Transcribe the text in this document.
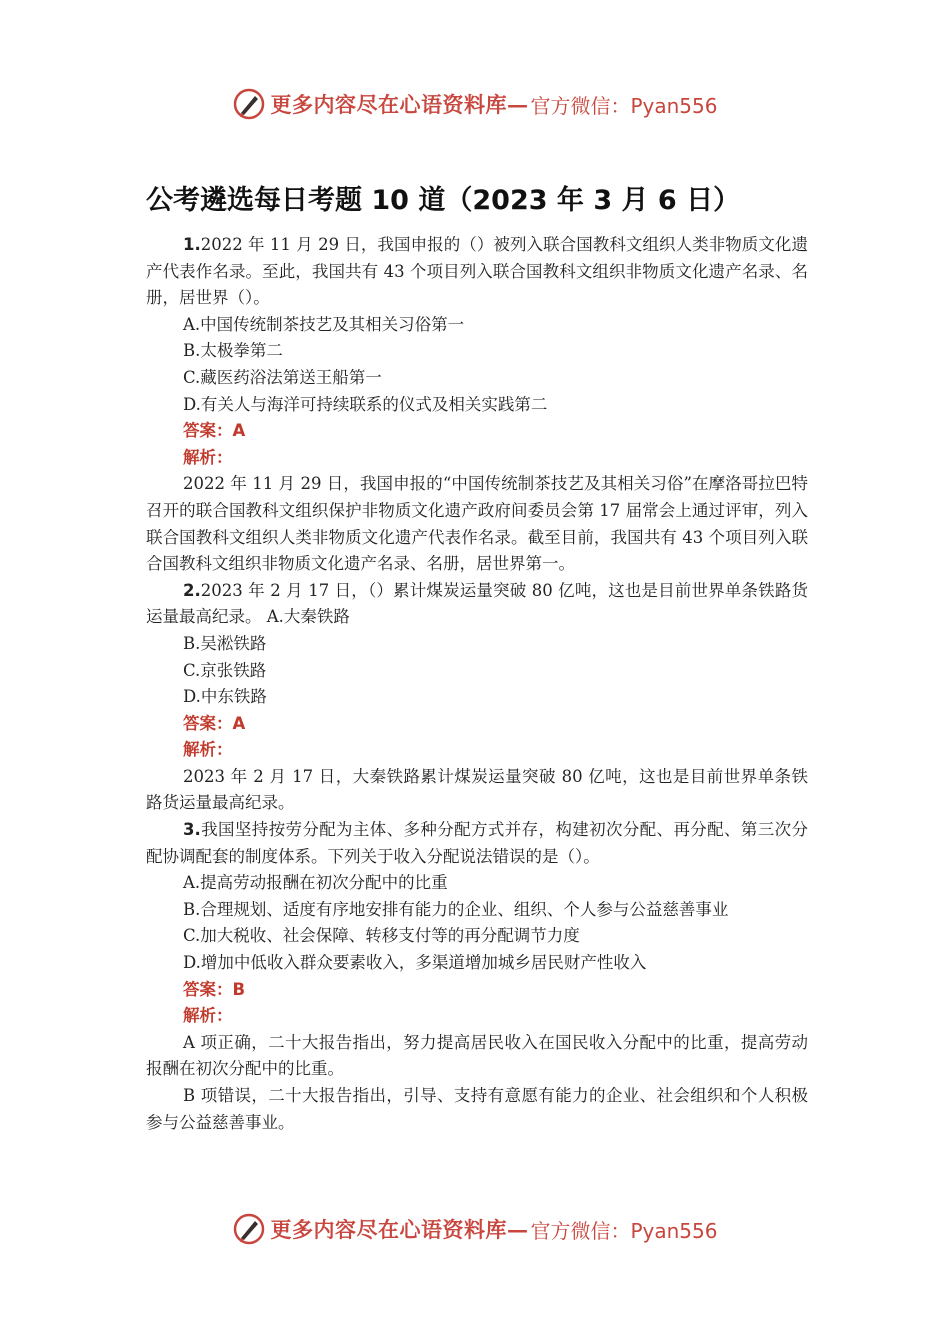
更多内容尽在心语资料库— 官方微信：Pyan556
公考遴选每日考题 10 道（2023 年 3 月 6 日）

1.2022 年 11 月 29 日，我国申报的（）被列入联合国教科文组织人类非物质文化遗产代表作名录。至此，我国共有 43 个项目列入联合国教科文组织非物质文化遗产名录、名册，居世界（）。

A.中国传统制茶技艺及其相关习俗第一

B.太极拳第二

C.藏医药浴法第送王船第一

D.有关人与海洋可持续联系的仪式及相关实践第二

答案：A

解析：

2022 年 11 月 29 日，我国申报的“中国传统制茶技艺及其相关习俗”在摩洛哥拉巴特召开的联合国教科文组织保护非物质文化遗产政府间委员会第 17 届常会上通过评审，列入联合国教科文组织人类非物质文化遗产代表作名录。截至目前，我国共有 43 个项目列入联合国教科文组织非物质文化遗产名录、名册，居世界第一。

2.2023 年 2 月 17 日，（）累计煤炭运量突破 80 亿吨，这也是目前世界单条铁路货运量最高纪录。 A.大秦铁路

B.吴淞铁路

C.京张铁路

D.中东铁路

答案：A

解析：

2023 年 2 月 17 日，大秦铁路累计煤炭运量突破 80 亿吨，这也是目前世界单条铁路货运量最高纪录。

3.我国坚持按劳分配为主体、多种分配方式并存，构建初次分配、再分配、第三次分配协调配套的制度体系。下列关于收入分配说法错误的是（）。

A.提高劳动报酬在初次分配中的比重

B.合理规划、适度有序地安排有能力的企业、组织、个人参与公益慈善事业

C.加大税收、社会保障、转移支付等的再分配调节力度

D.增加中低收入群众要素收入，多渠道增加城乡居民财产性收入

答案：B

解析：

A 项正确，二十大报告指出，努力提高居民收入在国民收入分配中的比重，提高劳动报酬在初次分配中的比重。

B 项错误，二十大报告指出，引导、支持有意愿有能力的企业、社会组织和个人积极参与公益慈善事业。

更多内容尽在心语资料库— 官方微信：Pyan556
